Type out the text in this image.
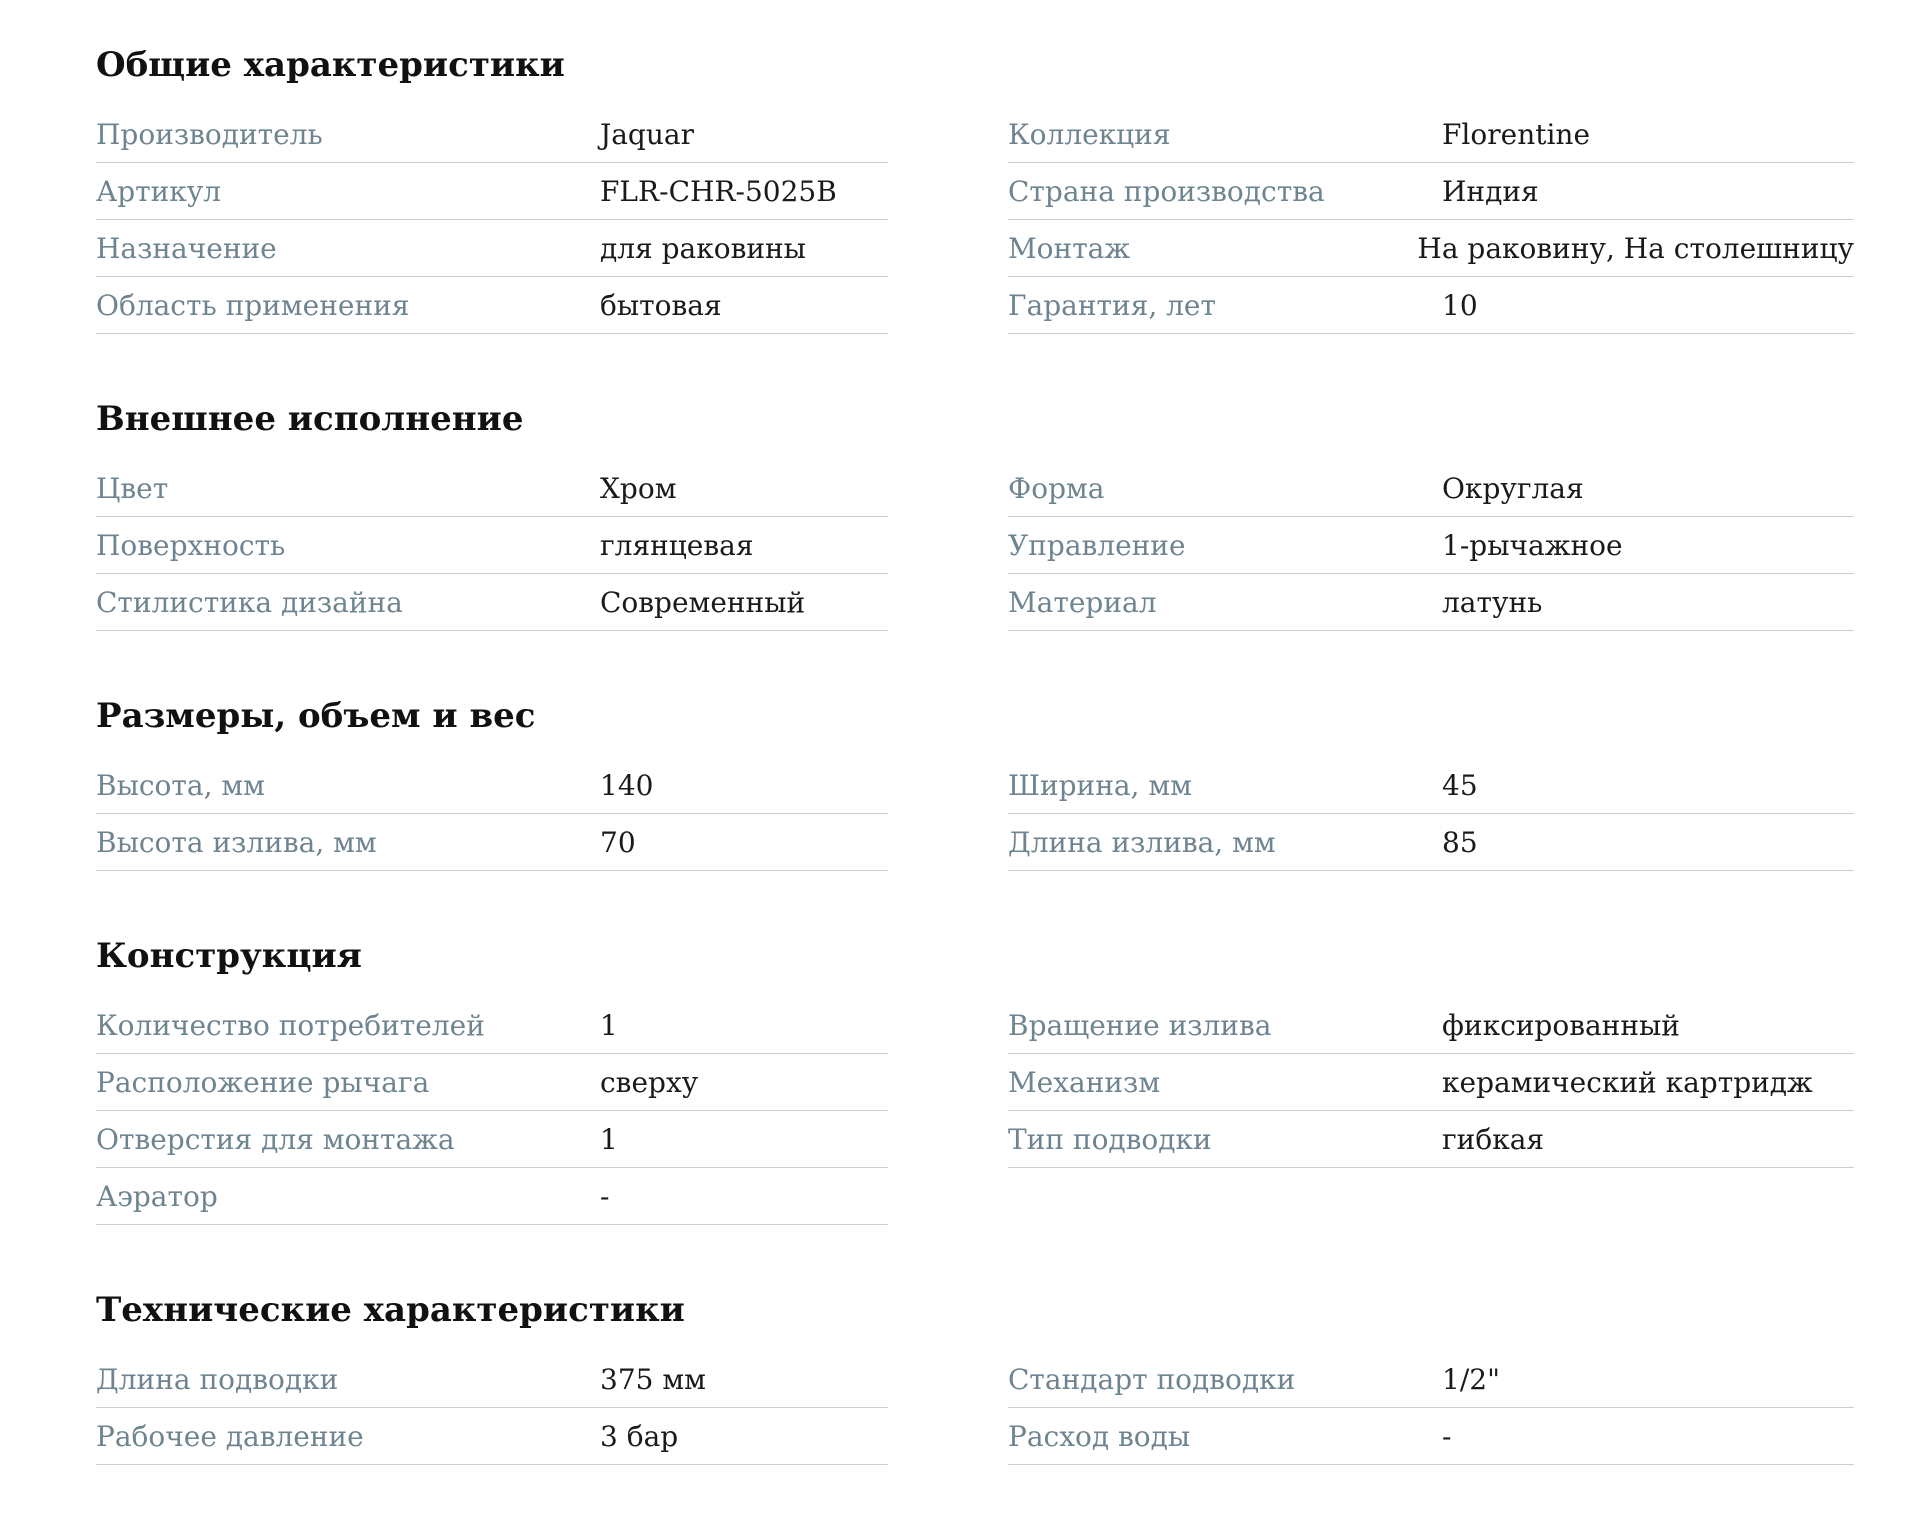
Общие характеристики
Производитель	Jaquar
Артикул	FLR-CHR-5025B
Назначение	для раковины
Область применения	бытовая
Коллекция	Florentine
Страна производства	Индия
Монтаж	На раковину, На столешницу
Гарантия, лет	10
Внешнее исполнение
Цвет	Хром
Поверхность	глянцевая
Стилистика дизайна	Современный
Форма	Округлая
Управление	1-рычажное
Материал	латунь
Размеры, объем и вес
Высота, мм	140
Высота излива, мм	70
Ширина, мм	45
Длина излива, мм	85
Конструкция
Количество потребителей	1
Расположение рычага	сверху
Отверстия для монтажа	1
Аэратор	-
Вращение излива	фиксированный
Механизм	керамический картридж
Тип подводки	гибкая
Технические характеристики
Длина подводки	375 мм
Рабочее давление	3 бар
Стандарт подводки	1/2"
Расход воды	-
